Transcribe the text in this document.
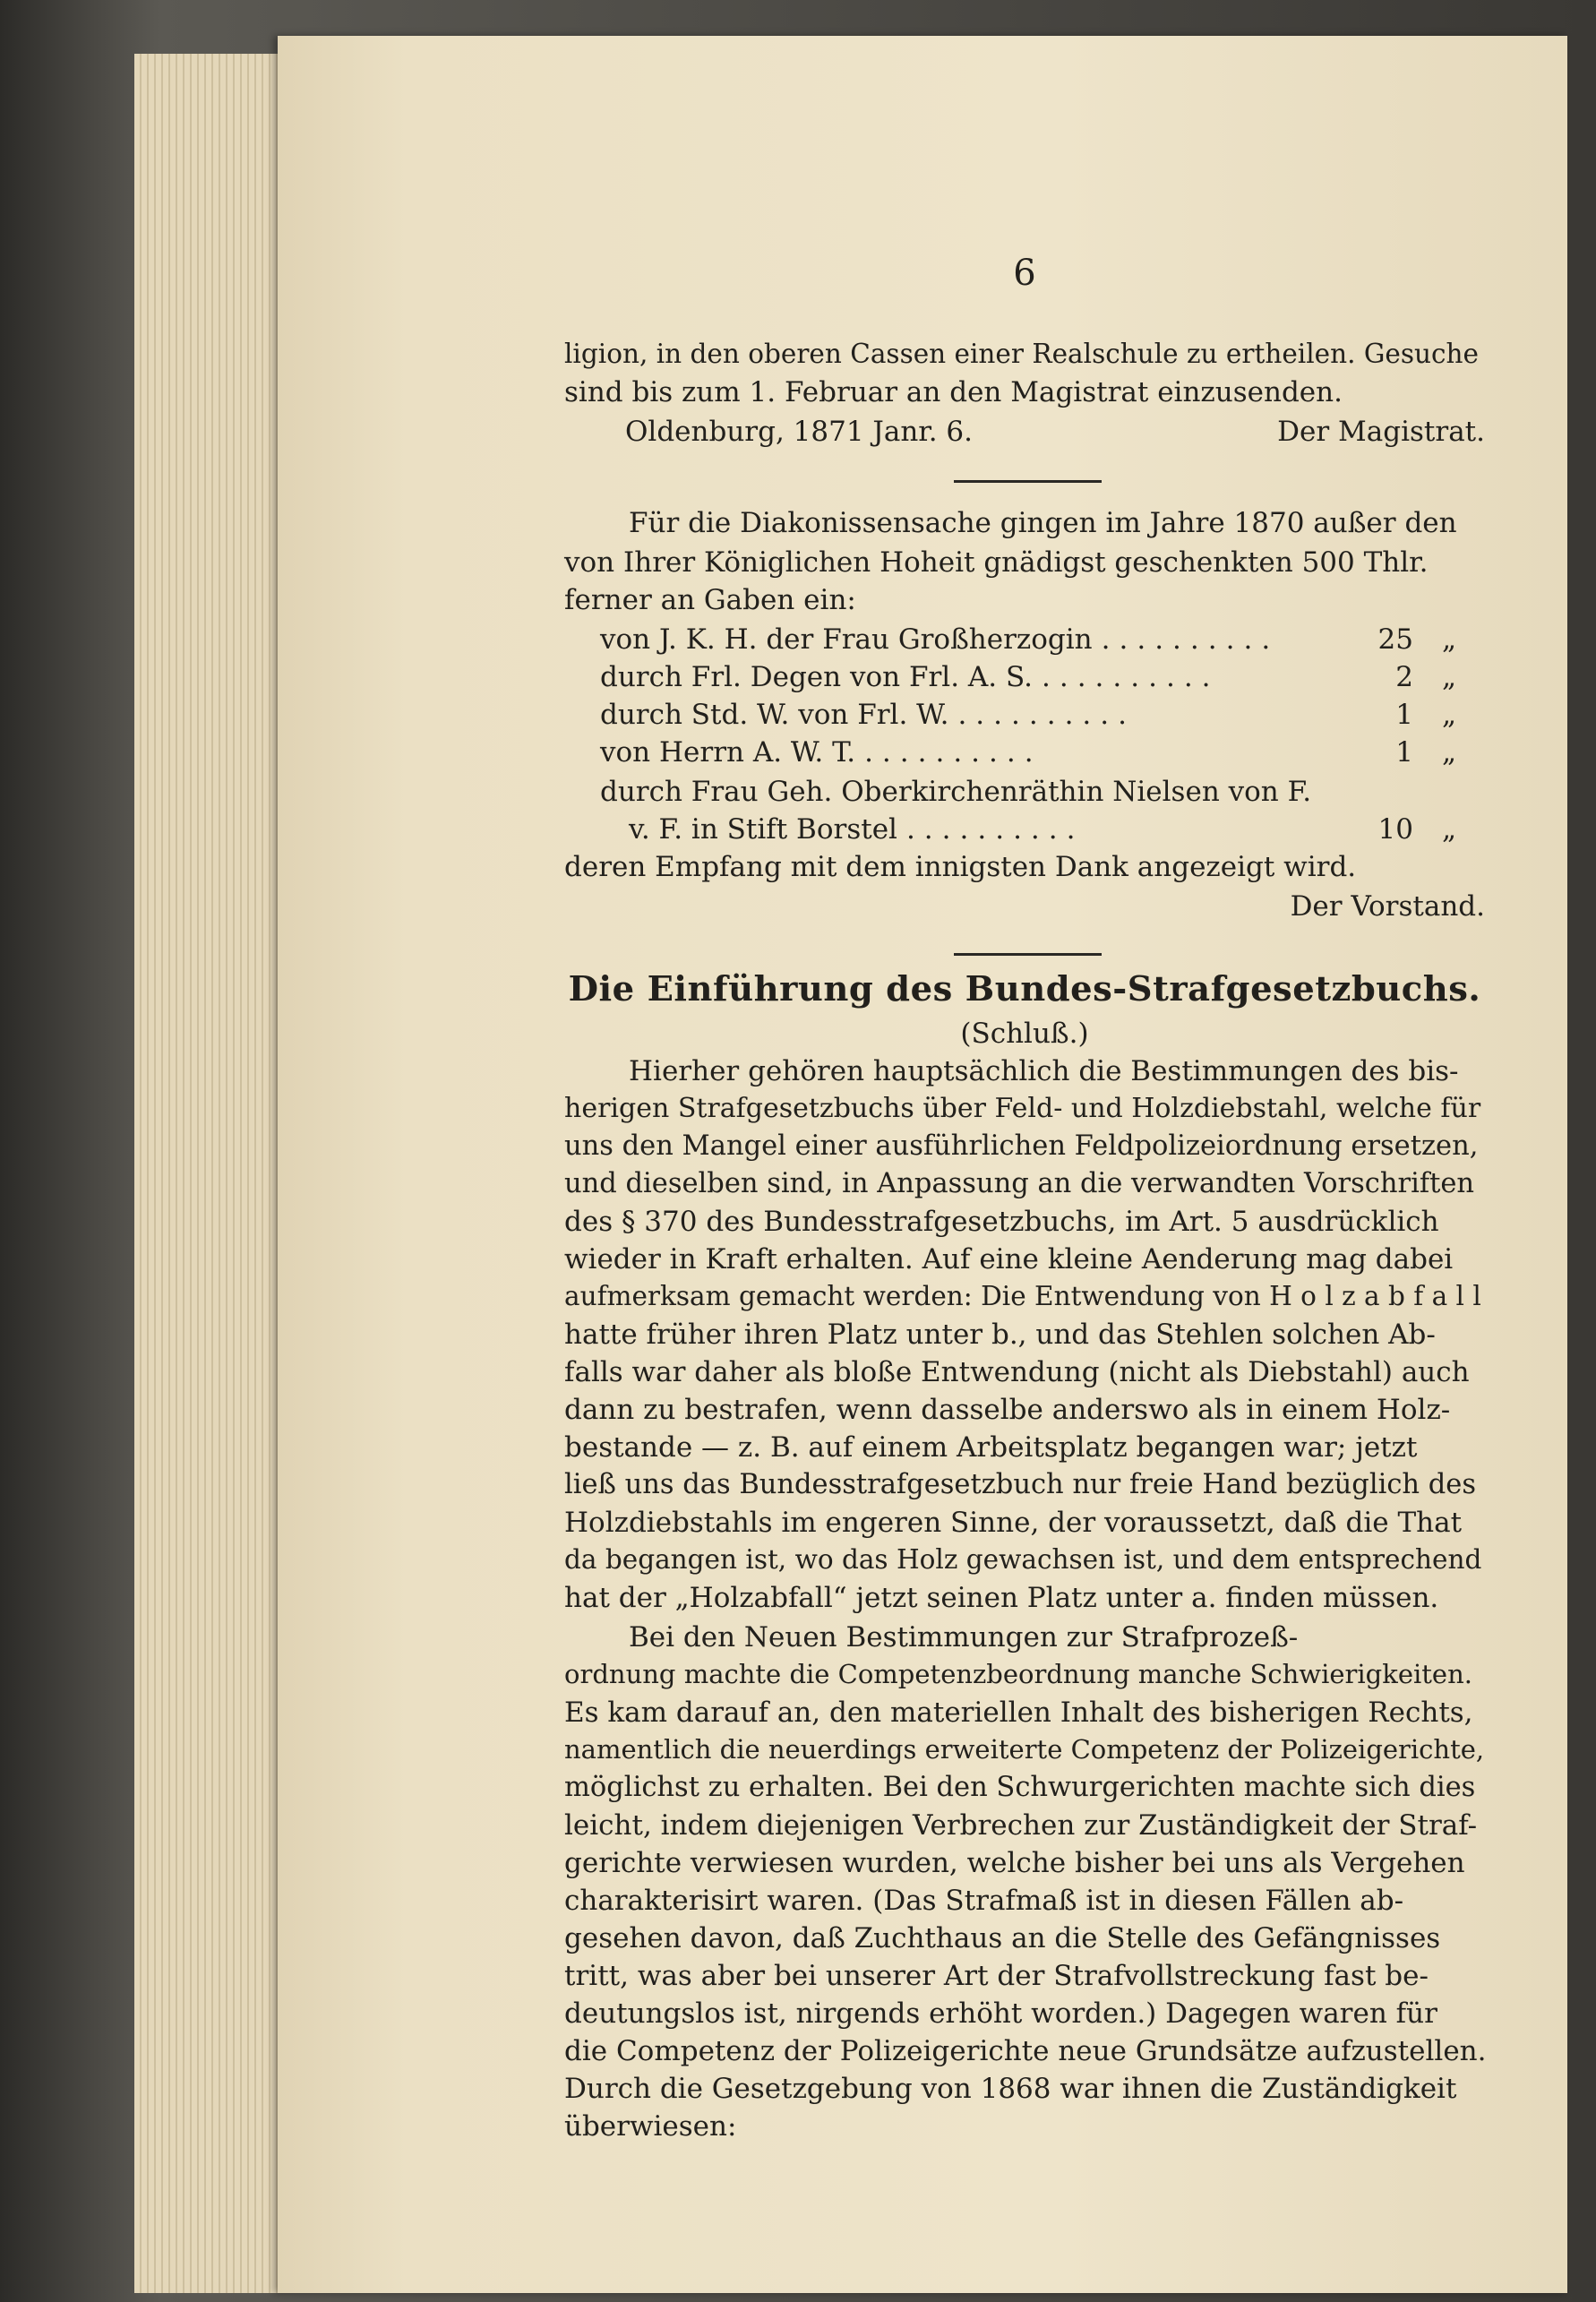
6
ligion, in den oberen Cassen einer Realschule zu ertheilen. Gesuche
sind bis zum 1. Februar an den Magistrat einzusenden.
Oldenburg, 1871 Janr. 6.	Der Magistrat.
Für die Diakonissensache gingen im Jahre 1870 außer den
von Ihrer Königlichen Hoheit gnädigst geschenkten 500 Thlr.
ferner an Gaben ein:
von J. K. H. der Frau Großherzogin ..........	25	„
durch Frl. Degen von Frl. A. S. ..........	2	„
durch Std. W. von Frl. W. ..........	1	„
von Herrn A. W. T. ..........	1	„
durch Frau Geh. Oberkirchenräthin Nielsen von F.
v. F. in Stift Borstel ..........	10	„
deren Empfang mit dem innigsten Dank angezeigt wird.
Der Vorstand.
Die Einführung des Bundes-Strafgesetzbuchs.
(Schluß.)
Hierher gehören hauptsächlich die Bestimmungen des bis-
herigen Strafgesetzbuchs über Feld- und Holzdiebstahl, welche für
uns den Mangel einer ausführlichen Feldpolizeiordnung ersetzen,
und dieselben sind, in Anpassung an die verwandten Vorschriften
des § 370 des Bundesstrafgesetzbuchs, im Art. 5 ausdrücklich
wieder in Kraft erhalten. Auf eine kleine Aenderung mag dabei
aufmerksam gemacht werden: Die Entwendung von H o l z a b f a l l
hatte früher ihren Platz unter b., und das Stehlen solchen Ab-
falls war daher als bloße Entwendung (nicht als Diebstahl) auch
dann zu bestrafen, wenn dasselbe anderswo als in einem Holz-
bestande — z. B. auf einem Arbeitsplatz begangen war; jetzt
ließ uns das Bundesstrafgesetzbuch nur freie Hand bezüglich des
Holzdiebstahls im engeren Sinne, der voraussetzt, daß die That
da begangen ist, wo das Holz gewachsen ist, und dem entsprechend
hat der „Holzabfall“ jetzt seinen Platz unter a. finden müssen.
Bei den Neuen Bestimmungen zur Strafprozeß-
ordnung machte die Competenzbeordnung manche Schwierigkeiten.
Es kam darauf an, den materiellen Inhalt des bisherigen Rechts,
namentlich die neuerdings erweiterte Competenz der Polizeigerichte,
möglichst zu erhalten. Bei den Schwurgerichten machte sich dies
leicht, indem diejenigen Verbrechen zur Zuständigkeit der Straf-
gerichte verwiesen wurden, welche bisher bei uns als Vergehen
charakterisirt waren. (Das Strafmaß ist in diesen Fällen ab-
gesehen davon, daß Zuchthaus an die Stelle des Gefängnisses
tritt, was aber bei unserer Art der Strafvollstreckung fast be-
deutungslos ist, nirgends erhöht worden.) Dagegen waren für
die Competenz der Polizeigerichte neue Grundsätze aufzustellen.
Durch die Gesetzgebung von 1868 war ihnen die Zuständigkeit
überwiesen:
